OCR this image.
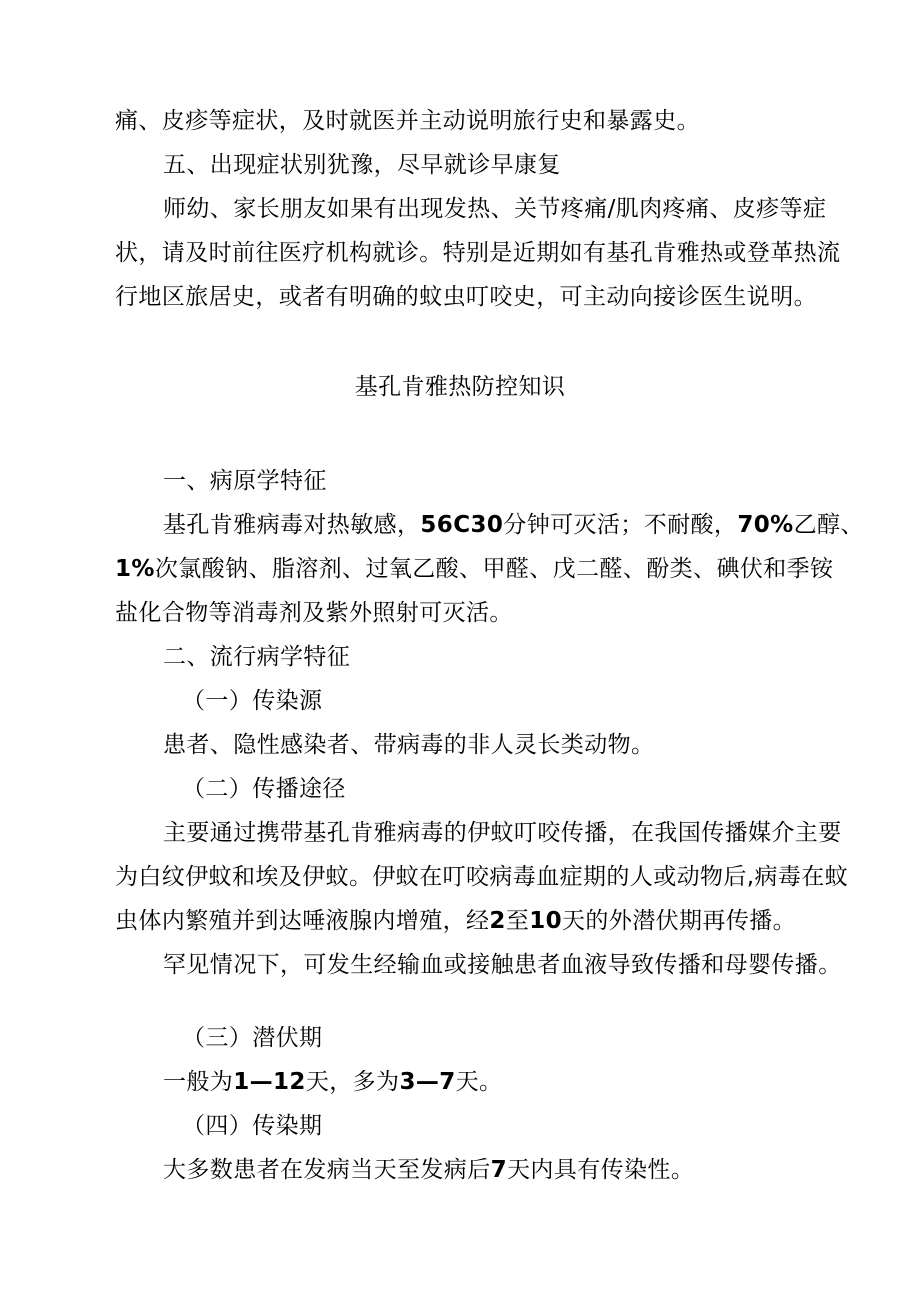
痛、皮疹等症状，及时就医并主动说明旅行史和暴露史。
五、出现症状别犹豫，尽早就诊早康复
师幼、家长朋友如果有出现发热、关节疼痛/肌肉疼痛、皮疹等症
状，请及时前往医疗机构就诊。特别是近期如有基孔肯雅热或登革热流
行地区旅居史，或者有明确的蚊虫叮咬史，可主动向接诊医生说明。
基孔肯雅热防控知识
一、病原学特征
基孔肯雅病毒对热敏感，56C30分钟可灭活；不耐酸，70%乙醇、
1%次氯酸钠、脂溶剂、过氧乙酸、甲醛、戊二醛、酚类、碘伏和季铵
盐化合物等消毒剂及紫外照射可灭活。
二、流行病学特征
（一）传染源
患者、隐性感染者、带病毒的非人灵长类动物。
（二）传播途径
主要通过携带基孔肯雅病毒的伊蚊叮咬传播，在我国传播媒介主要
为白纹伊蚊和埃及伊蚊。伊蚊在叮咬病毒血症期的人或动物后,病毒在蚊
虫体内繁殖并到达唾液腺内增殖，经2至10天的外潜伏期再传播。
罕见情况下，可发生经输血或接触患者血液导致传播和母婴传播。
（三）潜伏期
一般为1—12天，多为3—7天。
（四）传染期
大多数患者在发病当天至发病后7天内具有传染性。
